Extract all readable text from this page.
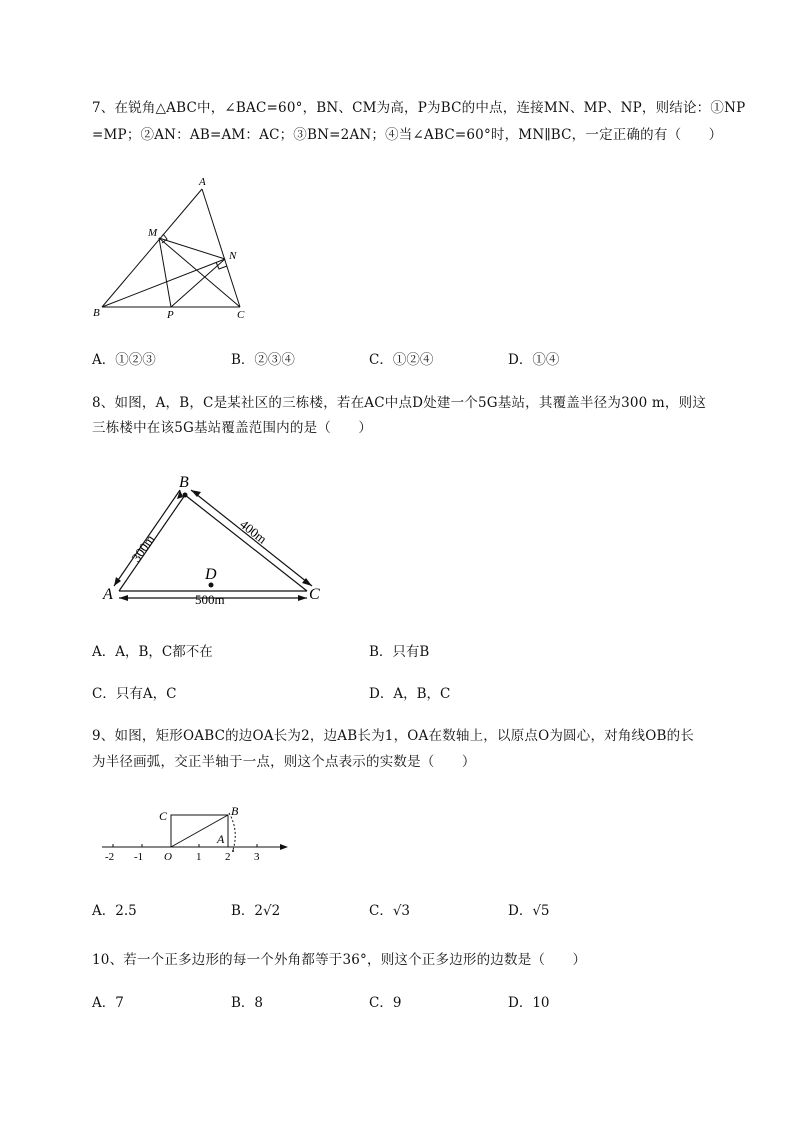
7、在锐角△ABC中，∠BAC=60°，BN、CM为高，P为BC的中点，连接MN、MP、NP，则结论：①NP
=MP；②AN：AB=AM：AC；③BN=2AN；④当∠ABC=60°时，MN∥BC，一定正确的有（　　）
A
M
N
B	P	C
A．①②③	B．②③④	C．①②④	D．①④
8、如图，A，B，C是某社区的三栋楼，若在AC中点D处建一个5G基站，其覆盖半径为300 m，则这
三栋楼中在该5G基站覆盖范围内的是（　　）
B
A	C
D
300m
400m
500m
A．A，B，C都不在	B．只有B
C．只有A，C	D．A，B，C
9、如图，矩形OABC的边OA长为2，边AB长为1，OA在数轴上，以原点O为圆心，对角线OB的长
为半径画弧，交正半轴于一点，则这个点表示的实数是（　　）
C	B
A
-2 -1 O 1 2 3
A．2.5	B．2√2	C．√3	D．√5
10、若一个正多边形的每一个外角都等于36°，则这个正多边形的边数是（　　）
A．7	B．8	C．9	D．10
